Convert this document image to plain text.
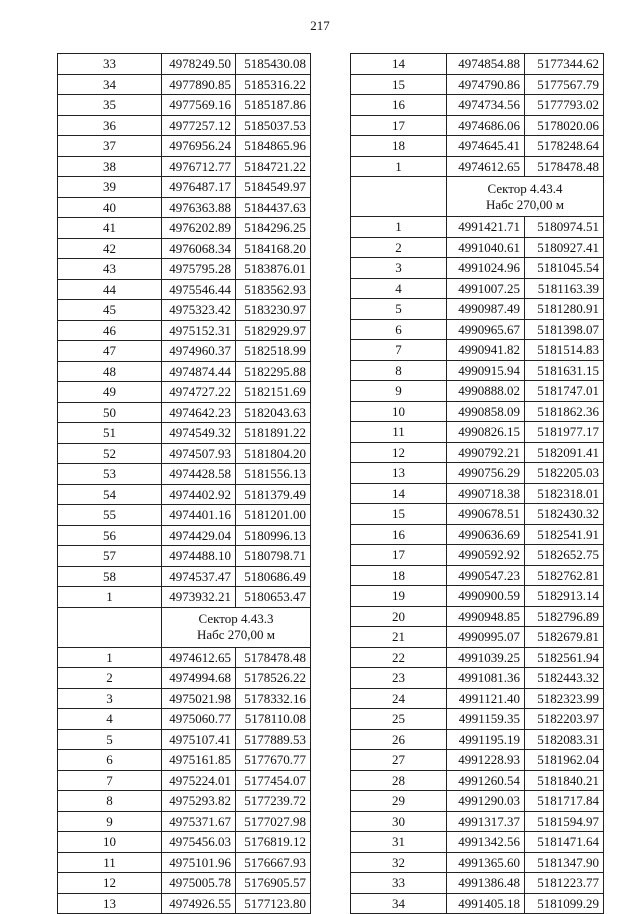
217
33	4978249.50	5185430.08
34	4977890.85	5185316.22
35	4977569.16	5185187.86
36	4977257.12	5185037.53
37	4976956.24	5184865.96
38	4976712.77	5184721.22
39	4976487.17	5184549.97
40	4976363.88	5184437.63
41	4976202.89	5184296.25
42	4976068.34	5184168.20
43	4975795.28	5183876.01
44	4975546.44	5183562.93
45	4975323.42	5183230.97
46	4975152.31	5182929.97
47	4974960.37	5182518.99
48	4974874.44	5182295.88
49	4974727.22	5182151.69
50	4974642.23	5182043.63
51	4974549.32	5181891.22
52	4974507.93	5181804.20
53	4974428.58	5181556.13
54	4974402.92	5181379.49
55	4974401.16	5181201.00
56	4974429.04	5180996.13
57	4974488.10	5180798.71
58	4974537.47	5180686.49
1	4973932.21	5180653.47
	Сектор 4.43.3
Набс 270,00 м	
1	4974612.65	5178478.48
2	4974994.68	5178526.22
3	4975021.98	5178332.16
4	4975060.77	5178110.08
5	4975107.41	5177889.53
6	4975161.85	5177670.77
7	4975224.01	5177454.07
8	4975293.82	5177239.72
9	4975371.67	5177027.98
10	4975456.03	5176819.12
11	4975101.96	5176667.93
12	4975005.78	5176905.57
13	4974926.55	5177123.80
14	4974854.88	5177344.62
15	4974790.86	5177567.79
16	4974734.56	5177793.02
17	4974686.06	5178020.06
18	4974645.41	5178248.64
1	4974612.65	5178478.48
	Сектор 4.43.4
Набс 270,00 м	
1	4991421.71	5180974.51
2	4991040.61	5180927.41
3	4991024.96	5181045.54
4	4991007.25	5181163.39
5	4990987.49	5181280.91
6	4990965.67	5181398.07
7	4990941.82	5181514.83
8	4990915.94	5181631.15
9	4990888.02	5181747.01
10	4990858.09	5181862.36
11	4990826.15	5181977.17
12	4990792.21	5182091.41
13	4990756.29	5182205.03
14	4990718.38	5182318.01
15	4990678.51	5182430.32
16	4990636.69	5182541.91
17	4990592.92	5182652.75
18	4990547.23	5182762.81
19	4990900.59	5182913.14
20	4990948.85	5182796.89
21	4990995.07	5182679.81
22	4991039.25	5182561.94
23	4991081.36	5182443.32
24	4991121.40	5182323.99
25	4991159.35	5182203.97
26	4991195.19	5182083.31
27	4991228.93	5181962.04
28	4991260.54	5181840.21
29	4991290.03	5181717.84
30	4991317.37	5181594.97
31	4991342.56	5181471.64
32	4991365.60	5181347.90
33	4991386.48	5181223.77
34	4991405.18	5181099.29
